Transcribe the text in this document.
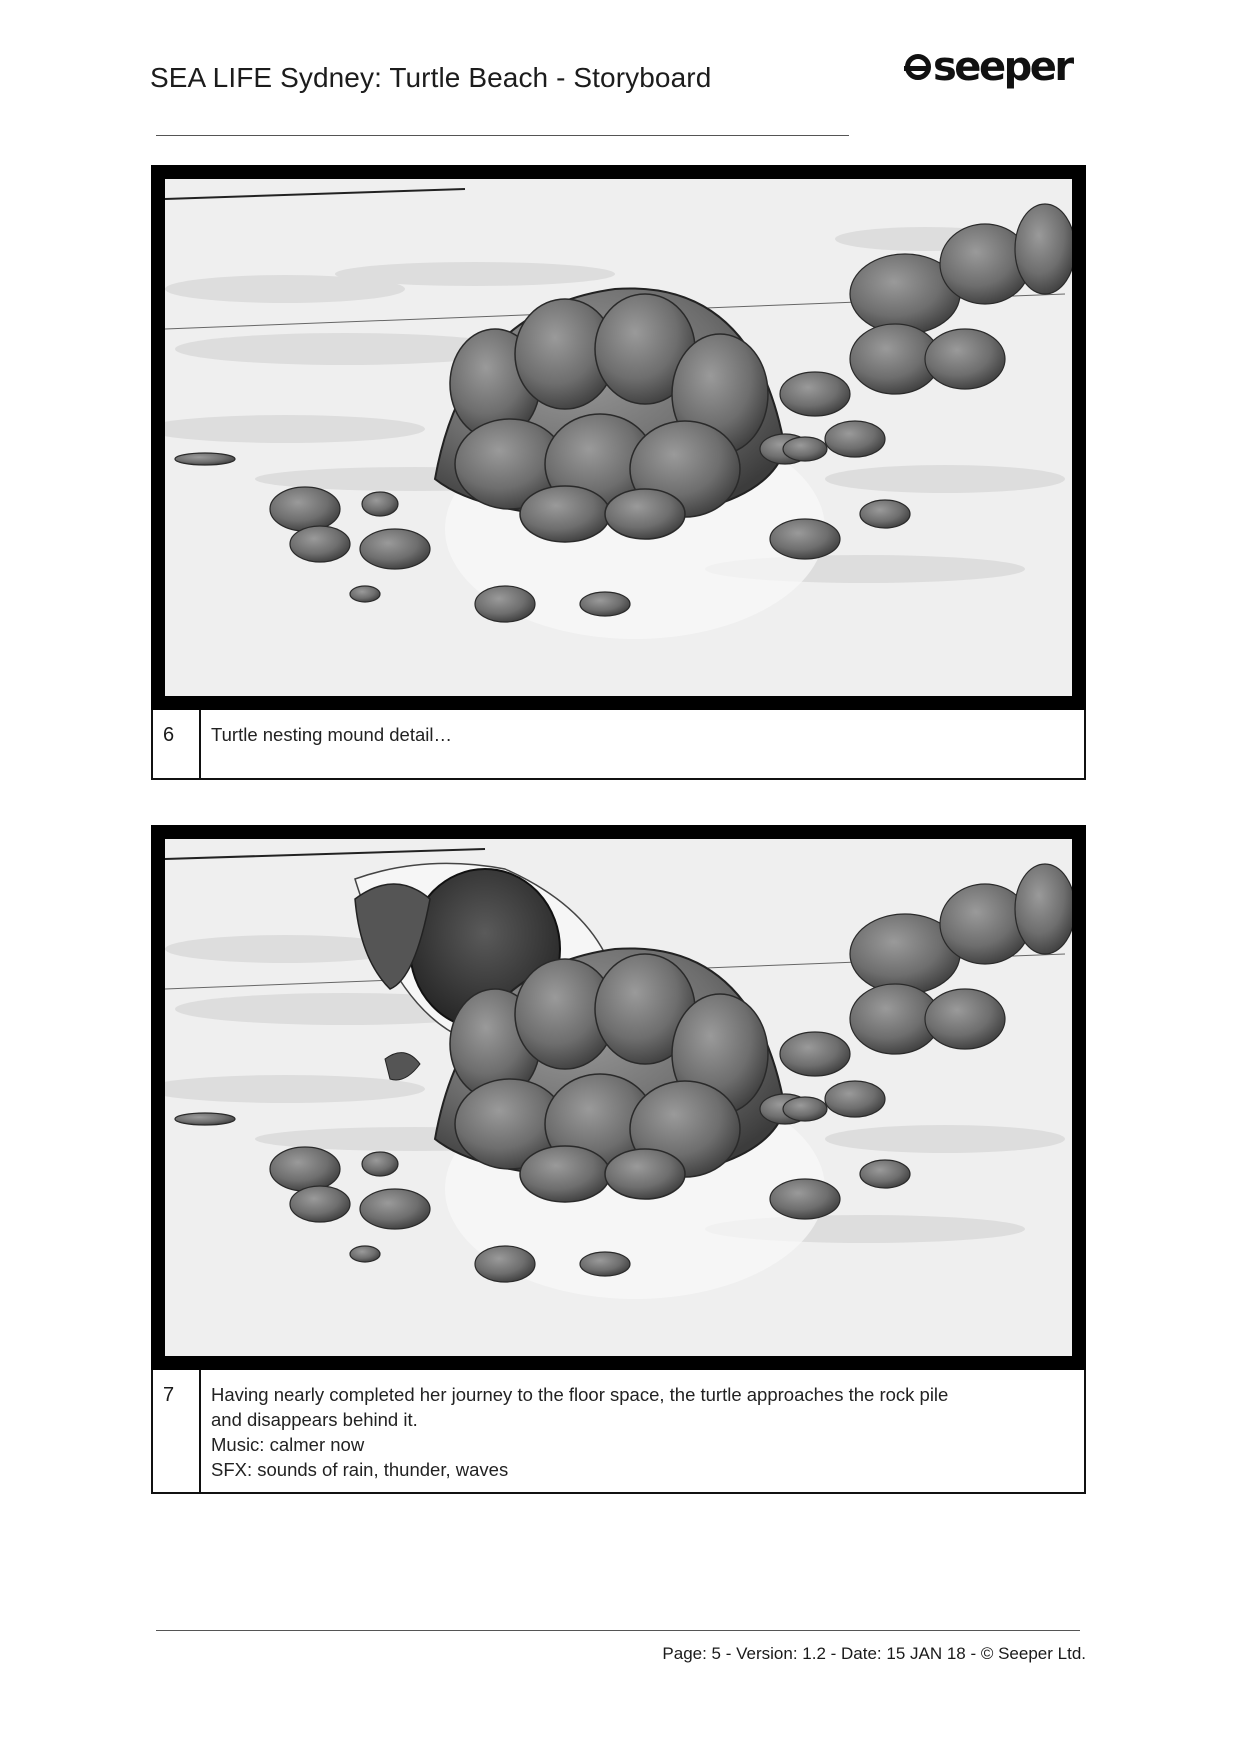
SEA LIFE Sydney: Turtle Beach - Storyboard	seeper
6	Turtle nesting mound detail…
7	Having nearly completed her journey to the floor space, the turtle approaches the rock pile
and disappears behind it.
Music: calmer now
SFX: sounds of rain, thunder, waves
Page: 5 - Version: 1.2 - Date: 15 JAN 18 - © Seeper Ltd.
